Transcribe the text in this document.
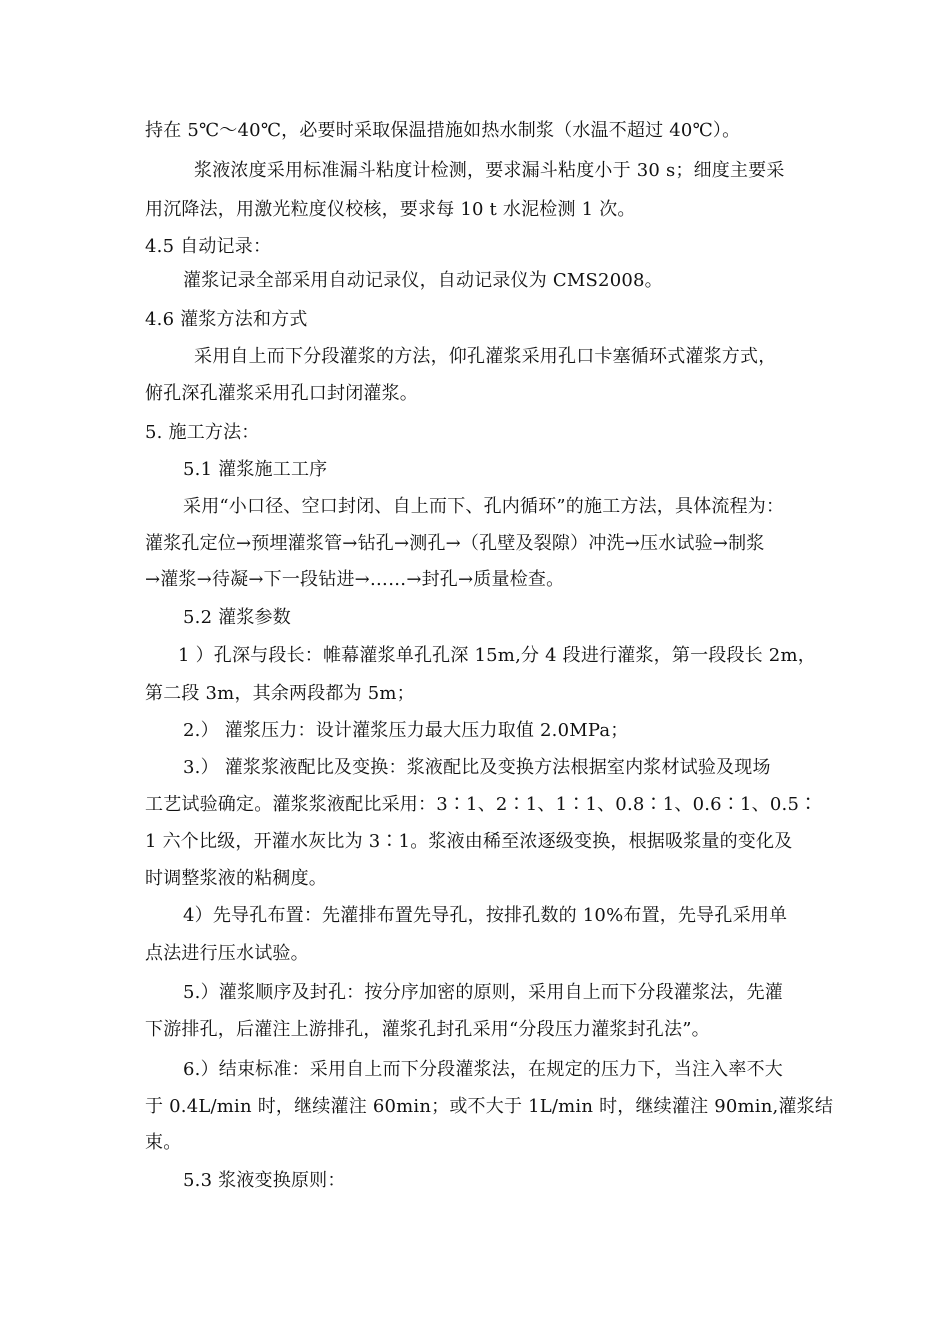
持在 5℃～40℃，必要时采取保温措施如热水制浆（水温不超过 40℃）。
浆液浓度采用标准漏斗粘度计检测，要求漏斗粘度小于 30 s；细度主要采
用沉降法，用激光粒度仪校核，要求每 10 t 水泥检测 1 次。
4.5 自动记录：
灌浆记录全部采用自动记录仪，自动记录仪为 CMS2008。
4.6 灌浆方法和方式
采用自上而下分段灌浆的方法，仰孔灌浆采用孔口卡塞循环式灌浆方式，
俯孔深孔灌浆采用孔口封闭灌浆。
5. 施工方法：
5.1 灌浆施工工序
采用“小口径、空口封闭、自上而下、孔内循环”的施工方法，具体流程为：
灌浆孔定位→预埋灌浆管→钻孔→测孔→（孔壁及裂隙）冲洗→压水试验→制浆
→灌浆→待凝→下一段钻进→……→封孔→质量检查。
5.2 灌浆参数
1 ）孔深与段长：帷幕灌浆单孔孔深 15m,分 4 段进行灌浆，第一段段长 2m，
第二段 3m，其余两段都为 5m；
2.） 灌浆压力：设计灌浆压力最大压力取值 2.0MPa；
3.） 灌浆浆液配比及变换：浆液配比及变换方法根据室内浆材试验及现场
工艺试验确定。灌浆浆液配比采用：3∶1、2∶1、1∶1、0.8∶1、0.6∶1、0.5∶
1 六个比级，开灌水灰比为 3∶1。浆液由稀至浓逐级变换，根据吸浆量的变化及
时调整浆液的粘稠度。
4）先导孔布置：先灌排布置先导孔，按排孔数的 10%布置，先导孔采用单
点法进行压水试验。
5.）灌浆顺序及封孔：按分序加密的原则，采用自上而下分段灌浆法，先灌
下游排孔，后灌注上游排孔，灌浆孔封孔采用“分段压力灌浆封孔法”。
6.）结束标准：采用自上而下分段灌浆法，在规定的压力下，当注入率不大
于 0.4L/min 时，继续灌注 60min；或不大于 1L/min 时，继续灌注 90min,灌浆结
束。
5.3 浆液变换原则：
